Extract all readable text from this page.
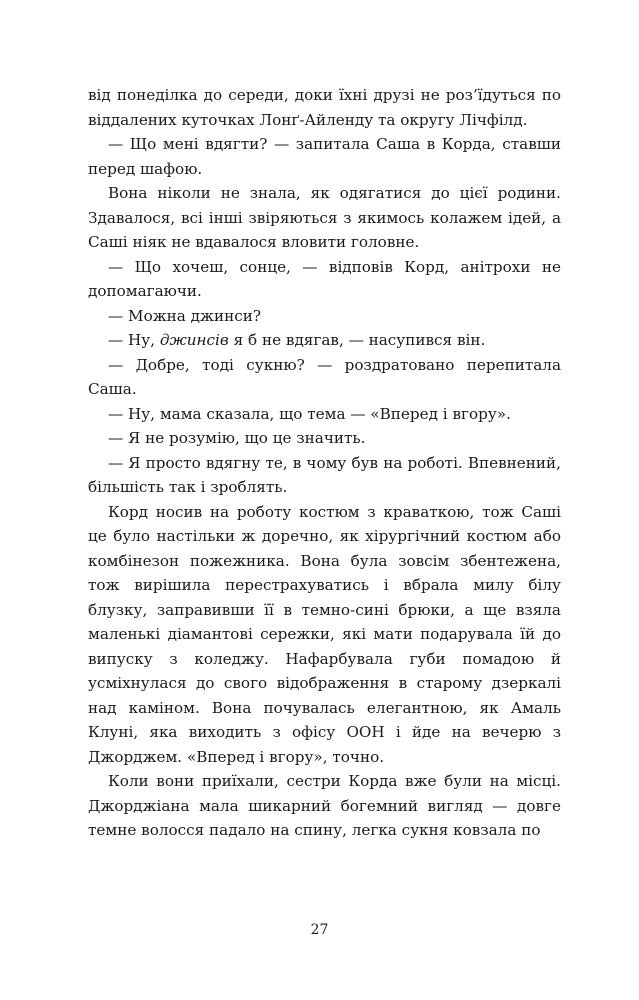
від понеділка до середи, доки їхні друзі не роз’їдуться по віддалених куточках Лонґ-Айленду та округу Лічфілд.

— Що мені вдягти? — запитала Саша в Корда, ставши перед шафою.

Вона ніколи не знала, як одягатися до цієї родини. Здавалося, всі інші звіряються з якимось колажем ідей, а Саші ніяк не вдавалося вловити головне.

— Що хочеш, сонце, — відповів Корд, анітрохи не допомагаючи.

— Можна джинси?

— Ну, джинсів я б не вдягав, — насупився він.

— Добре, тоді сукню? — роздратовано перепитала Саша.

— Ну, мама сказала, що тема — «Вперед і вгору».

— Я не розумію, що це значить.

— Я просто вдягну те, в чому був на роботі. Впевнений, більшість так і зроблять.

Корд носив на роботу костюм з краваткою, тож Саші це було настільки ж доречно, як хірургічний костюм або комбінезон пожежника. Вона була зовсім збентежена, тож вирішила перестрахуватись і вбрала милу білу блузку, заправивши її в темно-сині брюки, а ще взяла маленькі діамантові сережки, які мати подарувала їй до випуску з коледжу. Нафарбувала губи помадою й усміхнулася до свого відображення в старому дзеркалі над каміном. Вона почувалась елегантною, як Амаль Клуні, яка виходить з офісу ООН і йде на вечерю з Джорджем. «Вперед і вгору», точно.

Коли вони приїхали, сестри Корда вже були на місці. Джорджіана мала шикарний богемний вигляд — довге темне волосся падало на спину, легка сукня ковзала по

27
